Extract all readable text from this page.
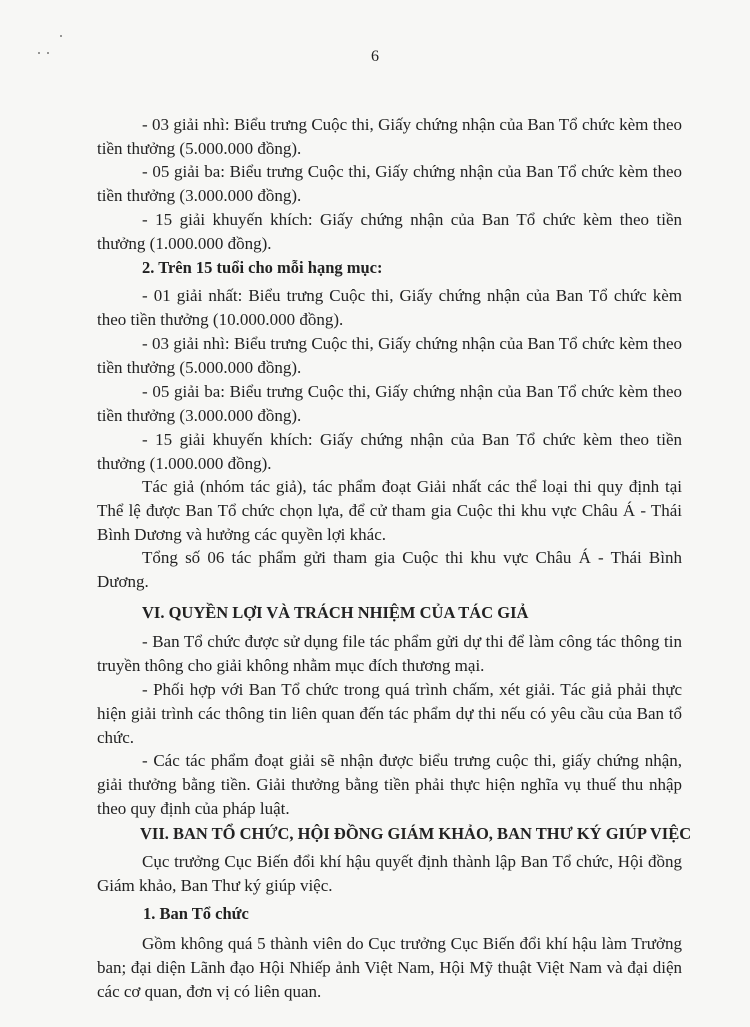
6

- 03 giải nhì: Biểu trưng Cuộc thi, Giấy chứng nhận của Ban Tổ chức kèm theo tiền thưởng (5.000.000 đồng).

- 05 giải ba: Biểu trưng Cuộc thi, Giấy chứng nhận của Ban Tổ chức kèm theo tiền thưởng (3.000.000 đồng).

- 15 giải khuyến khích: Giấy chứng nhận của Ban Tổ chức kèm theo tiền thưởng (1.000.000 đồng).

2. Trên 15 tuổi cho mỗi hạng mục:

- 01 giải nhất: Biểu trưng Cuộc thi, Giấy chứng nhận của Ban Tổ chức kèm theo tiền thưởng (10.000.000 đồng).

- 03 giải nhì: Biểu trưng Cuộc thi, Giấy chứng nhận của Ban Tổ chức kèm theo tiền thưởng (5.000.000 đồng).

- 05 giải ba: Biểu trưng Cuộc thi, Giấy chứng nhận của Ban Tổ chức kèm theo tiền thưởng (3.000.000 đồng).

- 15 giải khuyến khích: Giấy chứng nhận của Ban Tổ chức kèm theo tiền thưởng (1.000.000 đồng).

Tác giả (nhóm tác giả), tác phẩm đoạt Giải nhất các thể loại thi quy định tại Thể lệ được Ban Tổ chức chọn lựa, để cử tham gia Cuộc thi khu vực Châu Á - Thái Bình Dương và hưởng các quyền lợi khác.

Tổng số 06 tác phẩm gửi tham gia Cuộc thi khu vực Châu Á - Thái Bình Dương.

VI. QUYỀN LỢI VÀ TRÁCH NHIỆM CỦA TÁC GIẢ

- Ban Tổ chức được sử dụng file tác phẩm gửi dự thi để làm công tác thông tin truyền thông cho giải không nhằm mục đích thương mại.

- Phối hợp với Ban Tổ chức trong quá trình chấm, xét giải. Tác giả phải thực hiện giải trình các thông tin liên quan đến tác phẩm dự thi nếu có yêu cầu của Ban tổ chức.

- Các tác phẩm đoạt giải sẽ nhận được biểu trưng cuộc thi, giấy chứng nhận, giải thưởng bằng tiền. Giải thưởng bằng tiền phải thực hiện nghĩa vụ thuế thu nhập theo quy định của pháp luật.

VII. BAN TỔ CHỨC, HỘI ĐỒNG GIÁM KHẢO, BAN THƯ KÝ GIÚP VIỆC

Cục trưởng Cục Biến đổi khí hậu quyết định thành lập Ban Tổ chức, Hội đồng Giám khảo, Ban Thư ký giúp việc.

1. Ban Tổ chức

Gồm không quá 5 thành viên do Cục trưởng Cục Biến đổi khí hậu làm Trưởng ban; đại diện Lãnh đạo Hội Nhiếp ảnh Việt Nam, Hội Mỹ thuật Việt Nam và đại diện các cơ quan, đơn vị có liên quan.
